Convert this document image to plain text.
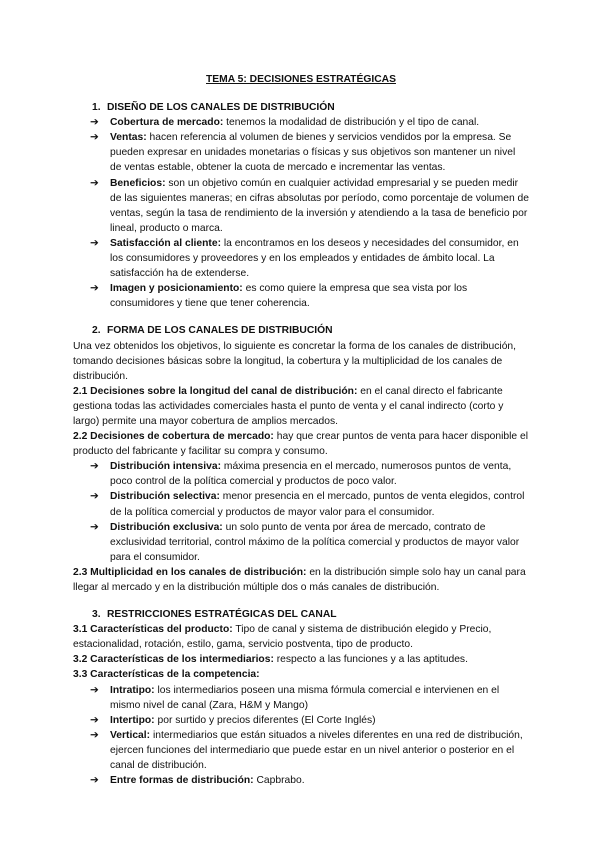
TEMA 5: DECISIONES ESTRATÉGICAS
1. DISEÑO DE LOS CANALES DE DISTRIBUCIÓN
➔ Cobertura de mercado: tenemos la modalidad de distribución y el tipo de canal.
➔ Ventas: hacen referencia al volumen de bienes y servicios vendidos por la empresa. Se pueden expresar en unidades monetarias o físicas y sus objetivos son mantener un nivel de ventas estable, obtener la cuota de mercado e incrementar las ventas.
➔ Beneficios: son un objetivo común en cualquier actividad empresarial y se pueden medir de las siguientes maneras; en cifras absolutas por período, como porcentaje de volumen de ventas, según la tasa de rendimiento de la inversión y atendiendo a la tasa de beneficio por lineal, producto o marca.
➔ Satisfacción al cliente: la encontramos en los deseos y necesidades del consumidor, en los consumidores y proveedores y en los empleados y entidades de ámbito local. La satisfacción ha de extenderse.
➔ Imagen y posicionamiento: es como quiere la empresa que sea vista por los consumidores y tiene que tener coherencia.
2. FORMA DE LOS CANALES DE DISTRIBUCIÓN

Una vez obtenidos los objetivos, lo siguiente es concretar la forma de los canales de distribución, tomando decisiones básicas sobre la longitud, la cobertura y la multiplicidad de los canales de distribución.

2.1 Decisiones sobre la longitud del canal de distribución: en el canal directo el fabricante gestiona todas las actividades comerciales hasta el punto de venta y el canal indirecto (corto y largo) permite una mayor cobertura de amplios mercados.

2.2 Decisiones de cobertura de mercado: hay que crear puntos de venta para hacer disponible el producto del fabricante y facilitar su compra y consumo.

➔ Distribución intensiva: máxima presencia en el mercado, numerosos puntos de venta, poco control de la política comercial y productos de poco valor.
➔ Distribución selectiva: menor presencia en el mercado, puntos de venta elegidos, control de la política comercial y productos de mayor valor para el consumidor.
➔ Distribución exclusiva: un solo punto de venta por área de mercado, contrato de exclusividad territorial, control máximo de la política comercial y productos de mayor valor para el consumidor.

2.3 Multiplicidad en los canales de distribución: en la distribución simple solo hay un canal para llegar al mercado y en la distribución múltiple dos o más canales de distribución.

3. RESTRICCIONES ESTRATÉGICAS DEL CANAL

3.1 Características del producto: Tipo de canal y sistema de distribución elegido y Precio, estacionalidad, rotación, estilo, gama, servicio postventa, tipo de producto.

3.2 Características de los intermediarios: respecto a las funciones y a las aptitudes.

3.3 Características de la competencia:

➔ Intratipo: los intermediarios poseen una misma fórmula comercial e intervienen en el mismo nivel de canal (Zara, H&M y Mango)
➔ Intertipo: por surtido y precios diferentes (El Corte Inglés)
➔ Vertical: intermediarios que están situados a niveles diferentes en una red de distribución, ejercen funciones del intermediario que puede estar en un nivel anterior o posterior en el canal de distribución.
➔ Entre formas de distribución: Capbrabo.
